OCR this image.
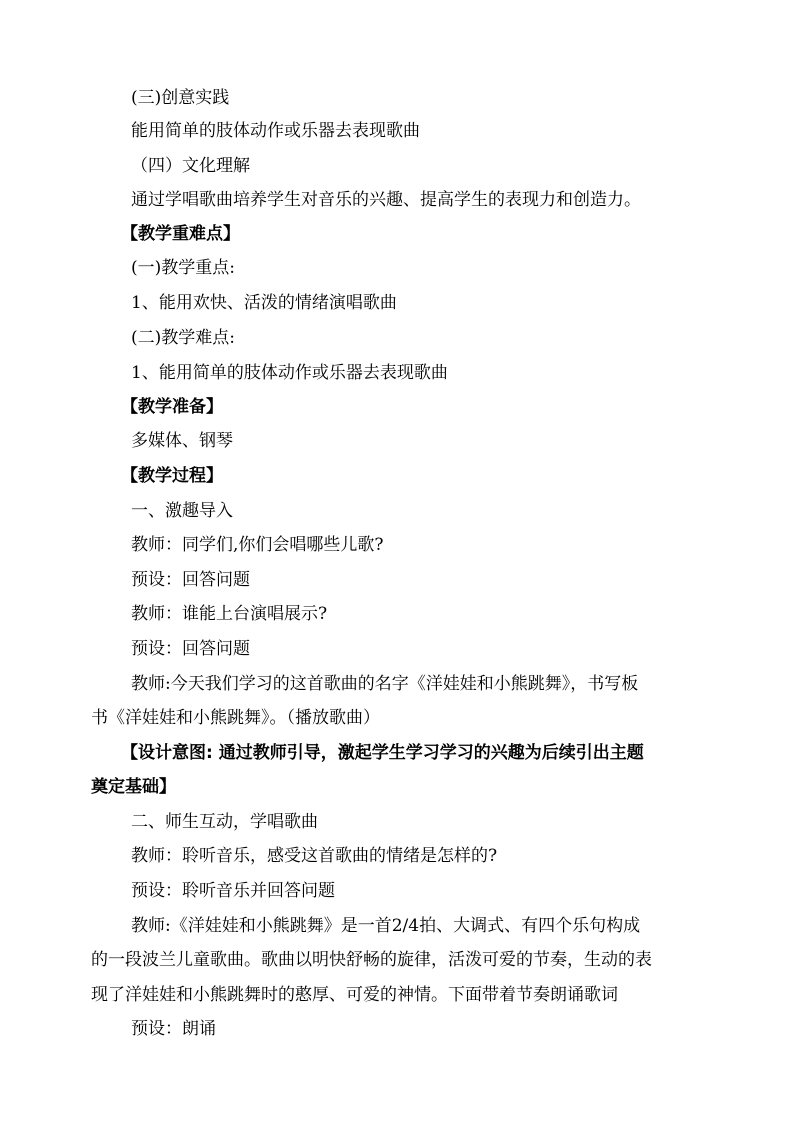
(三)创意实践
能用简单的肢体动作或乐器去表现歌曲
（四）文化理解
通过学唱歌曲培养学生对音乐的兴趣、提高学生的表现力和创造力。
【教学重难点】
(一)教学重点:
1、能用欢快、活泼的情绪演唱歌曲
(二)教学难点:
1、能用简单的肢体动作或乐器去表现歌曲
【教学准备】
多媒体、钢琴
【教学过程】
一、激趣导入
教师：同学们,你们会唱哪些儿歌?
预设：回答问题
教师：谁能上台演唱展示?
预设：回答问题
教师:今天我们学习的这首歌曲的名字《洋娃娃和小熊跳舞》，书写板
书《洋娃娃和小熊跳舞》。（播放歌曲）
【设计意图: 通过教师引导，激起学生学习学习的兴趣为后续引出主题
奠定基础】
二、师生互动，学唱歌曲
教师：聆听音乐，感受这首歌曲的情绪是怎样的?
预设：聆听音乐并回答问题
教师:《洋娃娃和小熊跳舞》是一首2/4拍、大调式、有四个乐句构成
的一段波兰儿童歌曲。歌曲以明快舒畅的旋律，活泼可爱的节奏，生动的表
现了洋娃娃和小熊跳舞时的憨厚、可爱的神情。下面带着节奏朗诵歌词
预设：朗诵
